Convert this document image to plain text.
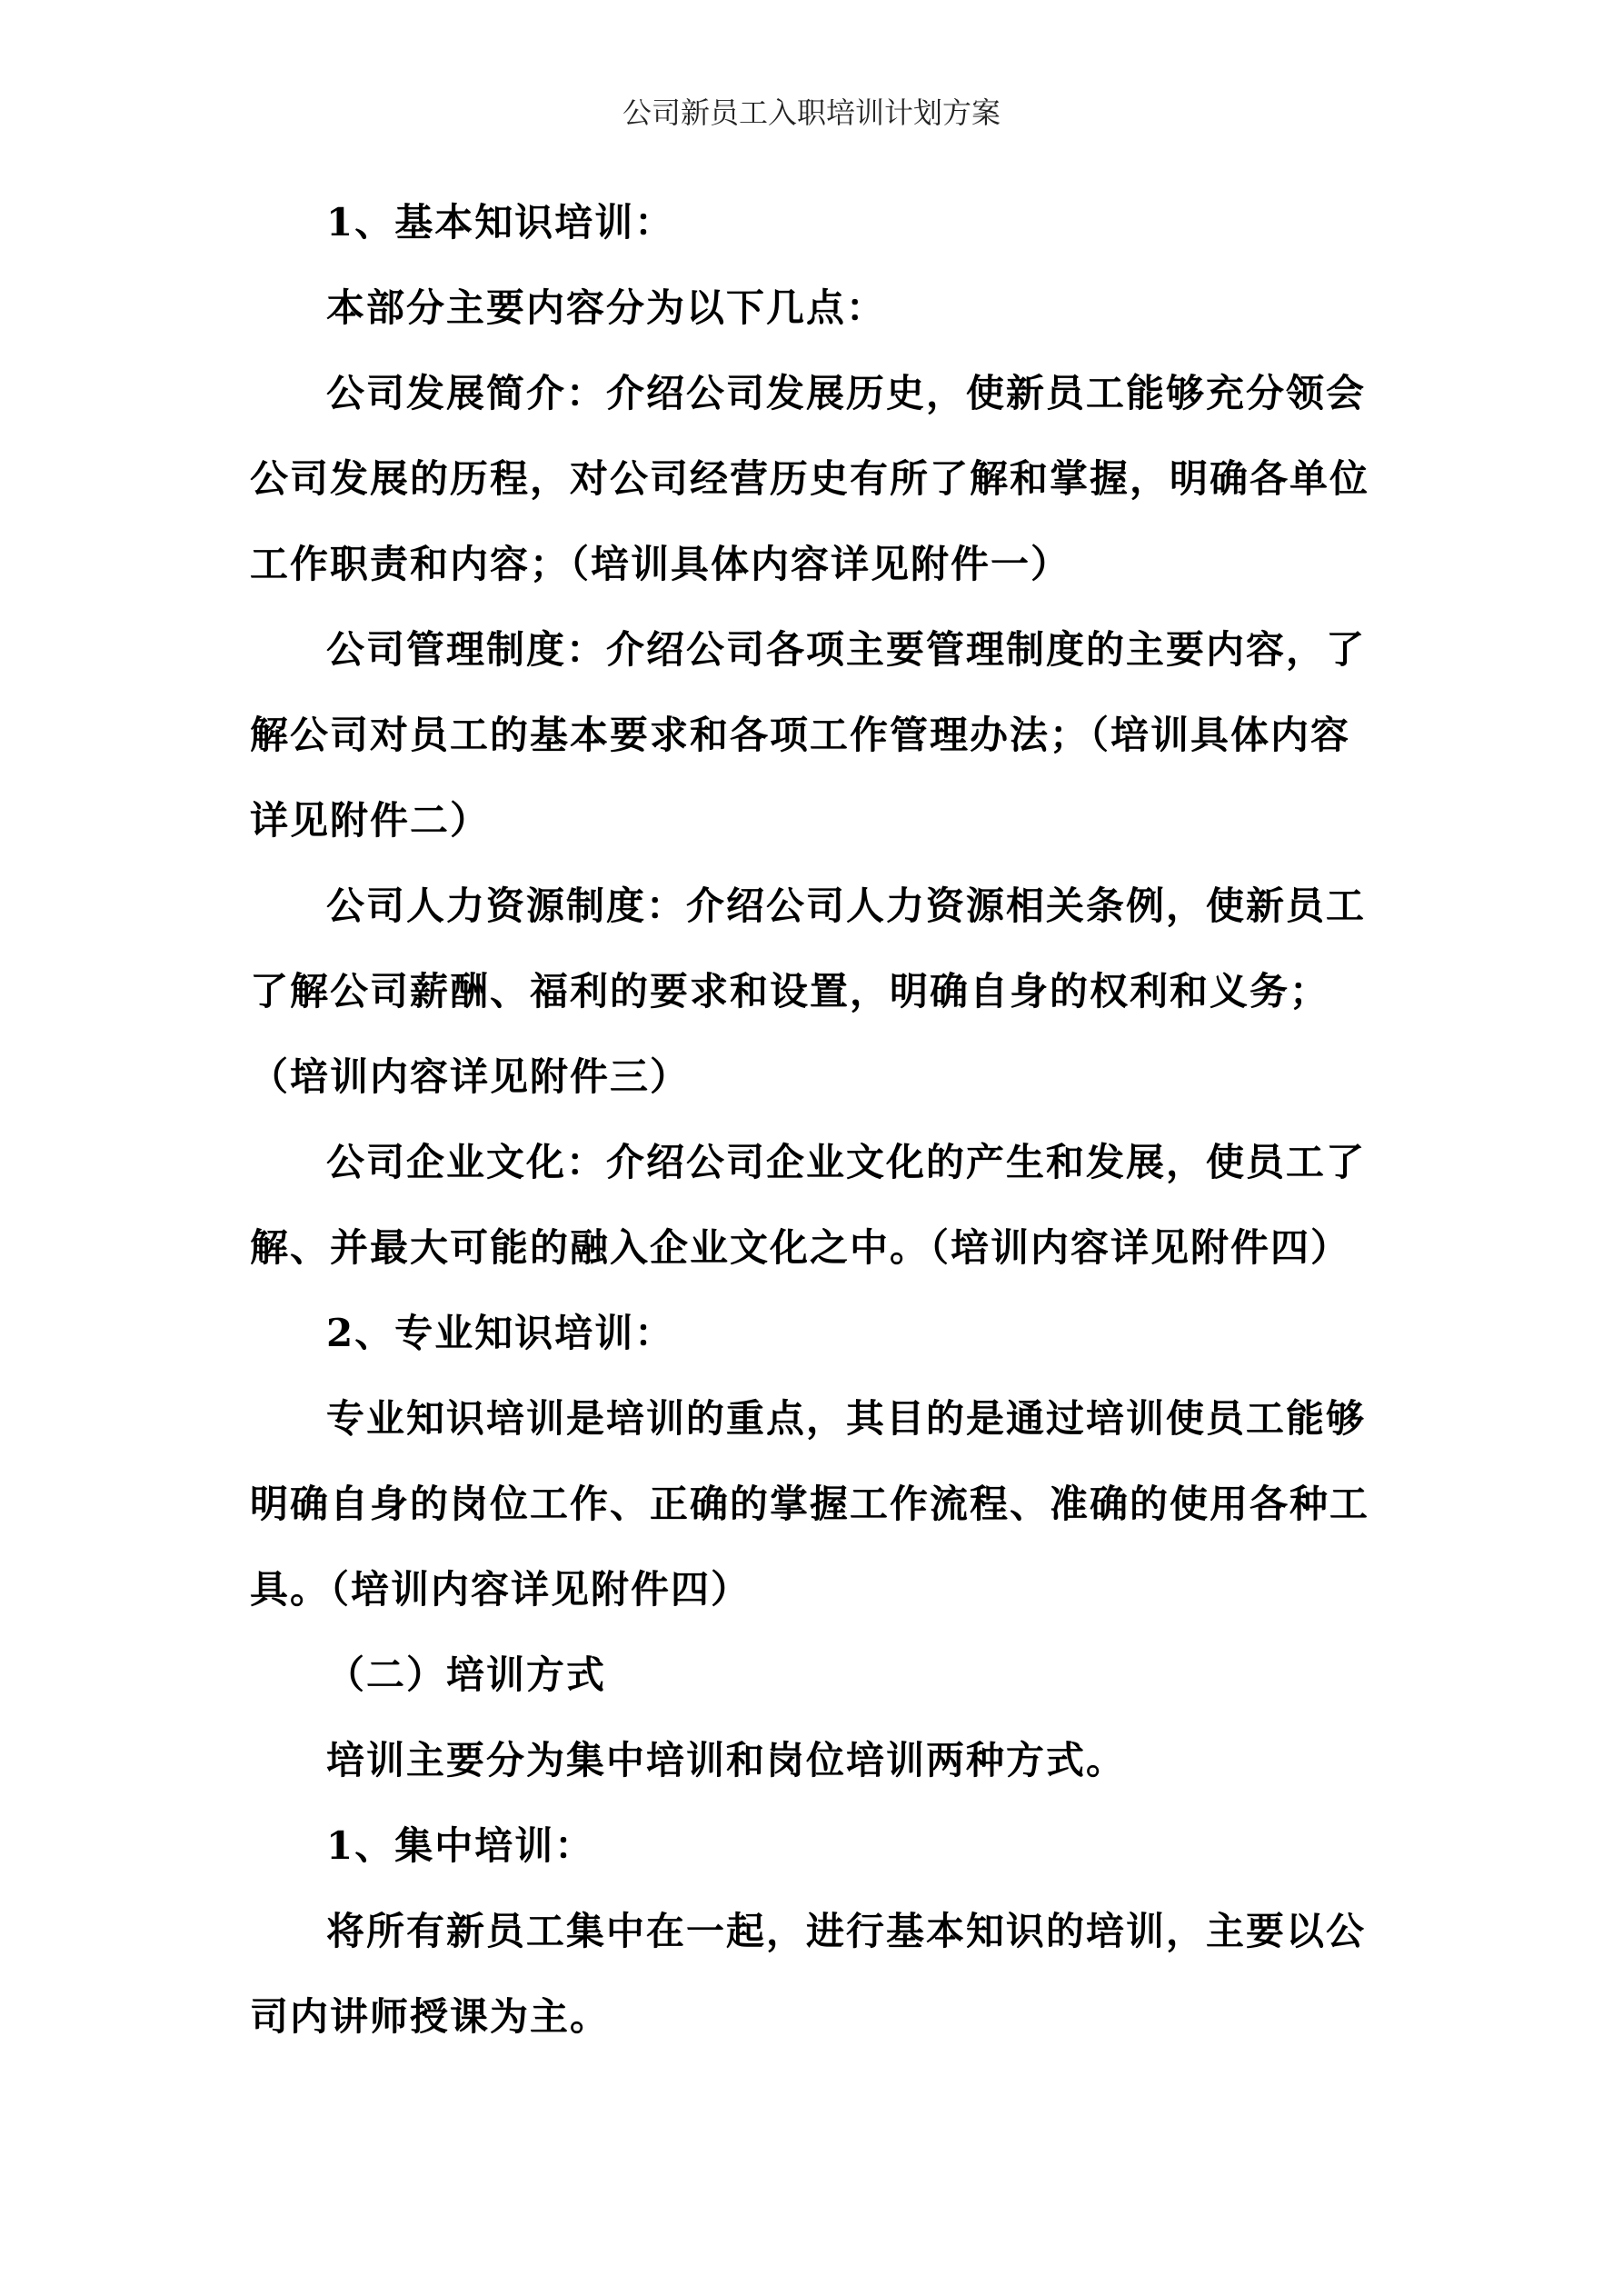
公司新员工入职培训计划方案

1、基本知识培训：

本部分主要内容分为以下几点：

公司发展简介：介绍公司发展历史，使新员工能够充分领会公司发展的历程，对公司经营历史有所了解和掌握，明确各单位工作职责和内容；（培训具体内容详见附件一）

公司管理制度：介绍公司各项主要管理制度的主要内容，了解公司对员工的基本要求和各项工作管理办法；（培训具体内容详见附件二）

公司人力资源制度：介绍公司人力资源相关条例，使新员工了解公司薪酬、福利的要求和设置，明确自身的权利和义务；（培训内容详见附件三）

公司企业文化：介绍公司企业文化的产生和发展，使员工了解、并最大可能的融入企业文化之中。（培训内容详见附件四）

2、专业知识培训：

专业知识培训是培训的重点，其目的是通过培训使员工能够明确自身的岗位工作、正确的掌握工作流程、准确的使用各种工具。（培训内容详见附件四）

（二）培训方式

培训主要分为集中培训和岗位培训两种方式。

1、集中培训：

将所有新员工集中在一起，进行基本知识的培训，主要以公司内讲师授课为主。
